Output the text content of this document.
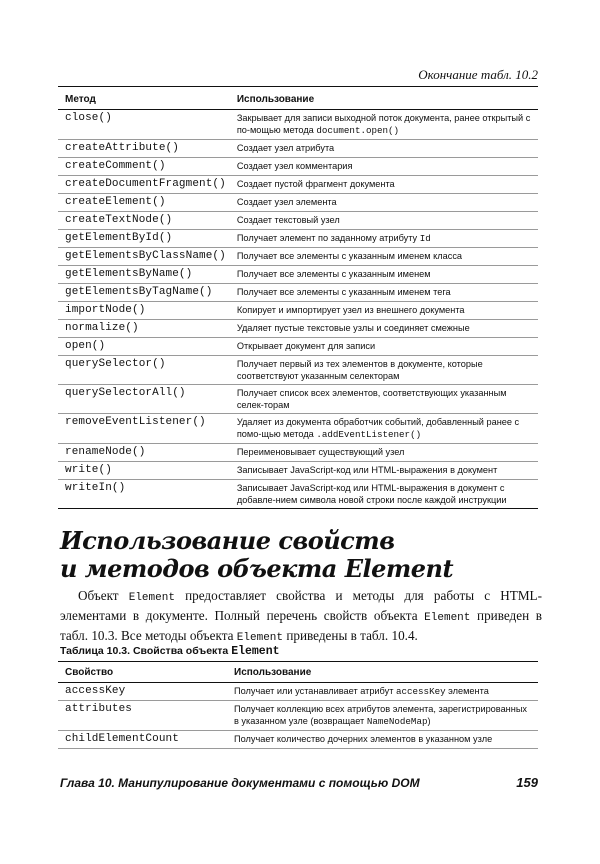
Окончание табл. 10.2
Метод	Использование
close()	Закрывает для записи выходной поток документа, ранее открытый с по-мощью метода document.open()
createAttribute()	Создает узел атрибута
createComment()	Создает узел комментария
createDocumentFragment()	Создает пустой фрагмент документа
createElement()	Создает узел элемента
createTextNode()	Создает текстовый узел
getElementById()	Получает элемент по заданному атрибуту Id
getElementsByClassName()	Получает все элементы с указанным именем класса
getElementsByName()	Получает все элементы с указанным именем
getElementsByTagName()	Получает все элементы с указанным именем тега
importNode()	Копирует и импортирует узел из внешнего документа
normalize()	Удаляет пустые текстовые узлы и соединяет смежные
open()	Открывает документ для записи
querySelector()	Получает первый из тех элементов в документе, которые соответствуют указанным селекторам
querySelectorAll()	Получает список всех элементов, соответствующих указанным селек-торам
removeEventListener()	Удаляет из документа обработчик событий, добавленный ранее с помо-щью метода .addEventListener()
renameNode()	Переименовывает существующий узел
write()	Записывает JavaScript-код или HTML-выражения в документ
writeIn()	Записывает JavaScript-код или HTML-выражения в документ с добавле-нием символа новой строки после каждой инструкции
Использование свойств
и методов объекта Element
Объект Element предоставляет свойства и методы для работы с HTML-элементами в документе. Полный перечень свойств объекта Element приведен в табл. 10.3. Все методы объекта Element приведены в табл. 10.4.
Таблица 10.3. Свойства объекта Element
Свойство	Использование
accessKey	Получает или устанавливает атрибут accessKey элемента
attributes	Получает коллекцию всех атрибутов элемента, зарегистрированных в указанном узле (возвращает NameNodeMap)
childElementCount	Получает количество дочерних элементов в указанном узле
Глава 10. Манипулирование документами с помощью DOM	159
